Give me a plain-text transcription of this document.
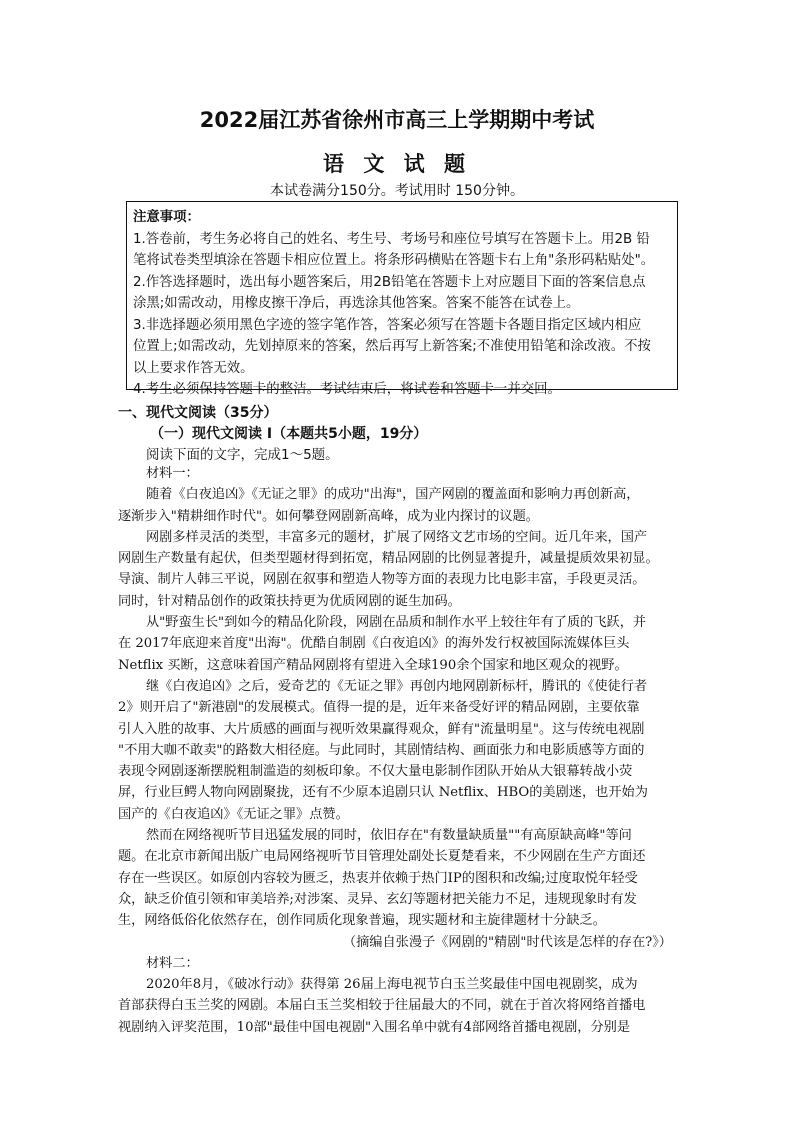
2022届江苏省徐州市高三上学期期中考试
语 文 试 题
本试卷满分150分。考试用时 150分钟。
注意事项：
1.答卷前，考生务必将自己的姓名、考生号、考场号和座位号填写在答题卡上。用2B 铅
笔将试卷类型填涂在答题卡相应位置上。将条形码横贴在答题卡右上角"条形码粘贴处"。
2.作答选择题时，选出每小题答案后，用2B铅笔在答题卡上对应题目下面的答案信息点
涂黑;如需改动，用橡皮擦干净后，再选涂其他答案。答案不能答在试卷上。
3.非选择题必须用黑色字迹的签字笔作答，答案必须写在答题卡各题目指定区域内相应
位置上;如需改动，先划掉原来的答案，然后再写上新答案;不准使用铅笔和涂改液。不按
以上要求作答无效。
4.考生必须保持答题卡的整洁。考试结束后，将试卷和答题卡一并交回。
一、现代文阅读（35分）
（一）现代文阅读 I（本题共5小题，19分）
阅读下面的文字，完成1～5题。
材料一：
随着《白夜追凶》《无证之罪》的成功"出海"，国产网剧的覆盖面和影响力再创新高，
逐渐步入"精耕细作时代"。如何攀登网剧新高峰，成为业内探讨的议题。
网剧多样灵活的类型，丰富多元的题材，扩展了网络文艺市场的空间。近几年来，国产
网剧生产数量有起伏，但类型题材得到拓宽，精品网剧的比例显著提升，减量提质效果初显。
导演、制片人韩三平说，网剧在叙事和塑造人物等方面的表现力比电影丰富，手段更灵活。
同时，针对精品创作的政策扶持更为优质网剧的诞生加码。
从"野蛮生长"到如今的精品化阶段，网剧在品质和制作水平上较往年有了质的飞跃，并
在 2017年底迎来首度"出海"。优酷自制剧《白夜追凶》的海外发行权被国际流媒体巨头
Netflix 买断，这意味着国产精品网剧将有望进入全球190余个国家和地区观众的视野。
继《白夜追凶》之后，爱奇艺的《无证之罪》再创内地网剧新标杆，腾讯的《使徒行者
2》则开启了"新港剧"的发展模式。值得一提的是，近年来备受好评的精品网剧，主要依靠
引人入胜的故事、大片质感的画面与视听效果赢得观众，鲜有"流量明星"。这与传统电视剧
"不用大咖不敢卖"的路数大相径庭。与此同时，其剧情结构、画面张力和电影质感等方面的
表现令网剧逐渐摆脱粗制滥造的刻板印象。不仅大量电影制作团队开始从大银幕转战小荧
屏，行业巨鳄人物向网剧聚拢，还有不少原本追剧只认 Netflix、HBO的美剧迷，也开始为
国产的《白夜追凶》《无证之罪》点赞。
然而在网络视听节目迅猛发展的同时，依旧存在"有数量缺质量""有高原缺高峰"等问
题。在北京市新闻出版广电局网络视听节目管理处副处长夏楚看来，不少网剧在生产方面还
存在一些误区。如原创内容较为匮乏，热衷并依赖于热门IP的图积和改编;过度取悦年轻受
众，缺乏价值引领和审美培养;对涉案、灵异、玄幻等题材把关能力不足，违规现象时有发
生，网络低俗化依然存在，创作同质化现象普遍，现实题材和主旋律题材十分缺乏。
（摘编自张漫子《网剧的"精剧"时代该是怎样的存在?》）
材料二：
2020年8月，《破冰行动》获得第 26届上海电视节白玉兰奖最佳中国电视剧奖，成为
首部获得白玉兰奖的网剧。本届白玉兰奖相较于往届最大的不同，就在于首次将网络首播电
视剧纳入评奖范围，10部"最佳中国电视剧"入围名单中就有4部网络首播电视剧，分别是
